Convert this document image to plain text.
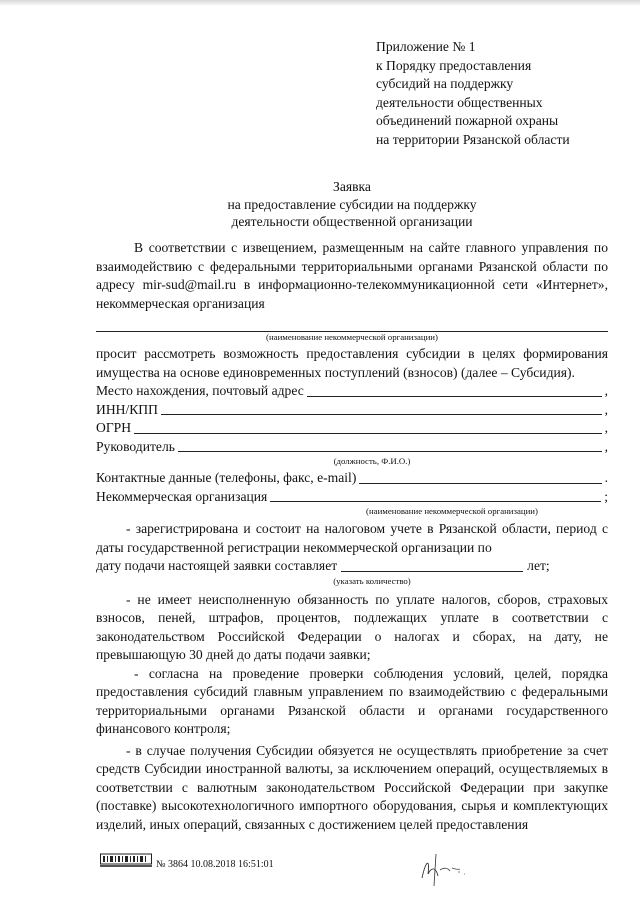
Приложение № 1
к Порядку предоставления
субсидий на поддержку
деятельности общественных
объединений пожарной охраны
на территории Рязанской области
Заявка
на предоставление субсидии на поддержку
деятельности общественной организации

В соответствии с извещением, размещенным на сайте главного управления по взаимодействию с федеральными территориальными органами Рязанской области по адресу mir-sud@mail.ru в информационно-телекоммуникационной сети «Интернет», некоммерческая организация

(наименование некоммерческой организации)

просит рассмотреть возможность предоставления субсидии в целях формирования имущества на основе единовременных поступлений (взносов) (далее – Субсидия).

Место нахождения, почтовый адрес	,
ИНН/КПП	,
ОГРН	,
Руководитель	,
(должность, Ф.И.О.)
Контактные данные (телефоны, факс, e-mail)	.
Некоммерческая организация	;
(наименование некоммерческой организации)

- зарегистрирована и состоит на налоговом учете в Рязанской области, период с даты государственной регистрации некоммерческой организации по

дату подачи настоящей заявки составляет	лет;
(указать количество)

- не имеет неисполненную обязанность по уплате налогов, сборов, страховых взносов, пеней, штрафов, процентов, подлежащих уплате в соответствии с законодательством Российской Федерации о налогах и сборах, на дату, не превышающую 30 дней до даты подачи заявки;

- согласна на проведение проверки соблюдения условий, целей, порядка предоставления субсидий главным управлением по взаимодействию с федеральными территориальными органами Рязанской области и органами государственного финансового контроля;

- в случае получения Субсидии обязуется не осуществлять приобретение за счет средств Субсидии иностранной валюты, за исключением операций, осуществляемых в соответствии с валютным законодательством Российской Федерации при закупке (поставке) высокотехнологичного импортного оборудования, сырья и комплектующих изделий, иных операций, связанных с достижением целей предоставления

№ 3864 10.08.2018 16:51:01
